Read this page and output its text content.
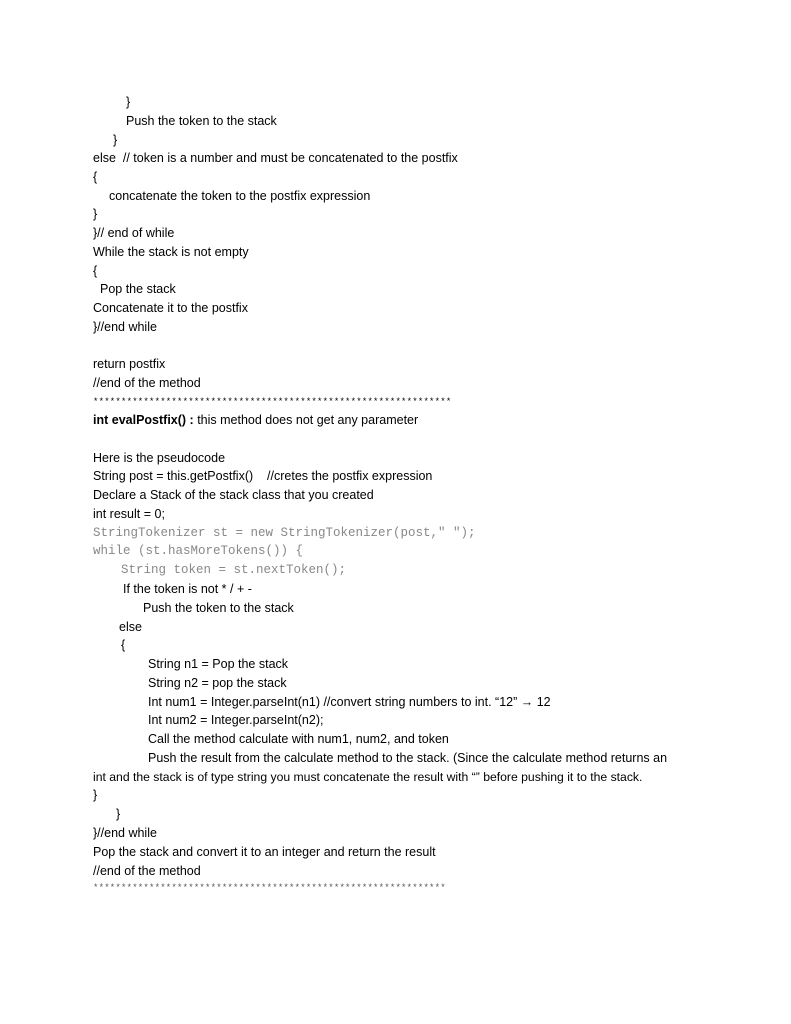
}
Push the token to the stack
}
else  // token is a number and must be concatenated to the postfix
{
concatenate the token to the postfix expression
}
}// end of while
While the stack is not empty
{
Pop the stack
Concatenate it to the postfix
}//end while
return postfix
//end of the method
****************************************************************
int evalPostfix() : this method does not get any parameter
Here is the pseudocode
String post = this.getPostfix()    //cretes the postfix expression
Declare a Stack of the stack class that you created
int result = 0;
StringTokenizer st = new StringTokenizer(post," ");
while (st.hasMoreTokens()) {
String token = st.nextToken();
If the token is not * / + -
Push the token to the stack
else
{
String n1 = Pop the stack
String n2 = pop the stack
Int num1 = Integer.parseInt(n1) //convert string numbers to int. “12” → 12
Int num2 = Integer.parseInt(n2);
Call the method calculate with num1, num2, and token
Push the result from the calculate method to the stack. (Since the calculate method returns an
int and the stack is of type string you must concatenate the result with “” before pushing it to the stack.
}
}
}//end while
Pop the stack and convert it to an integer and return the result
//end of the method
***************************************************************
